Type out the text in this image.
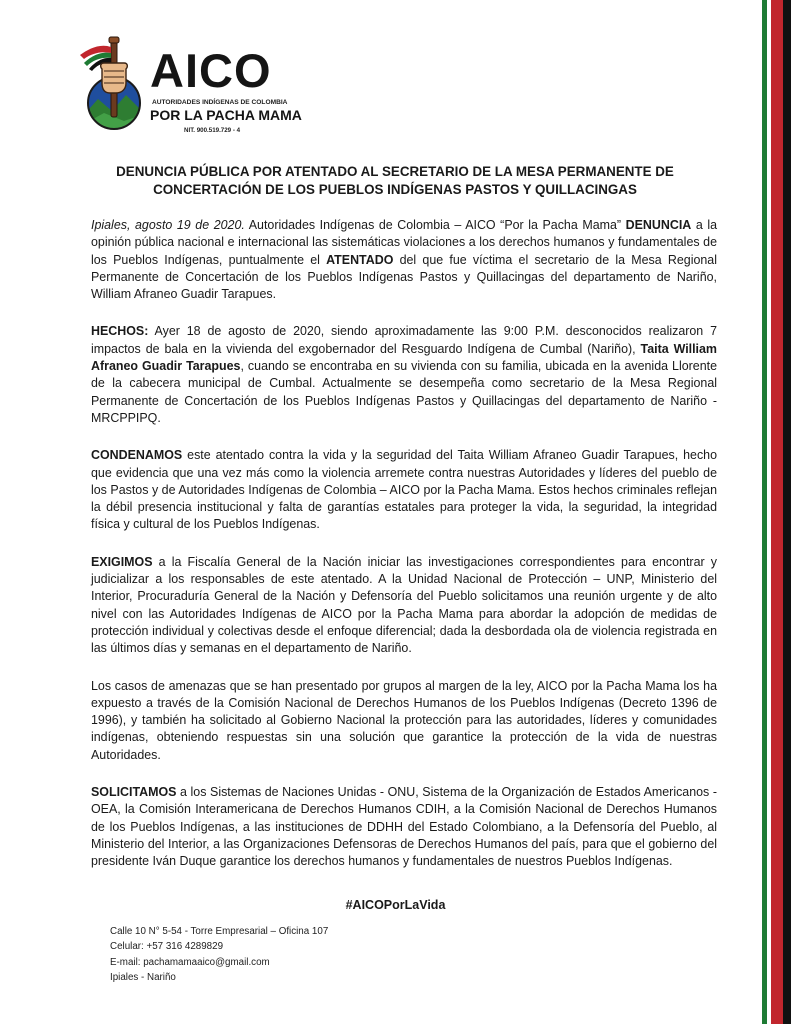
AICO

AUTORIDADES INDÍGENAS DE COLOMBIA

POR LA PACHA MAMA

NIT. 900.519.729 - 4

DENUNCIA PÚBLICA POR ATENTADO AL SECRETARIO DE LA MESA PERMANENTE DE
CONCERTACIÓN DE LOS PUEBLOS INDÍGENAS PASTOS Y QUILLACINGAS

Ipiales, agosto 19 de 2020. Autoridades Indígenas de Colombia – AICO “Por la Pacha Mama” DENUNCIA a la opinión pública nacional e internacional las sistemáticas violaciones a los derechos humanos y fundamentales de los Pueblos Indígenas, puntualmente el ATENTADO del que fue víctima el secretario de la Mesa Regional Permanente de Concertación de los Pueblos Indígenas Pastos y Quillacingas del departamento de Nariño, William Afraneo Guadir Tarapues.

HECHOS: Ayer 18 de agosto de 2020, siendo aproximadamente las 9:00 P.M. desconocidos realizaron 7 impactos de bala en la vivienda del exgobernador del Resguardo Indígena de Cumbal (Nariño), Taita William Afraneo Guadir Tarapues, cuando se encontraba en su vivienda con su familia, ubicada en la avenida Llorente de la cabecera municipal de Cumbal. Actualmente se desempeña como secretario de la Mesa Regional Permanente de Concertación de los Pueblos Indígenas Pastos y Quillacingas del departamento de Nariño - MRCPPIPQ.

CONDENAMOS este atentado contra la vida y la seguridad del Taita William Afraneo Guadir Tarapues, hecho que evidencia que una vez más como la violencia arremete contra nuestras Autoridades y líderes del pueblo de los Pastos y de Autoridades Indígenas de Colombia – AICO por la Pacha Mama. Estos hechos criminales reflejan la débil presencia institucional y falta de garantías estatales para proteger la vida, la seguridad, la integridad física y cultural de los Pueblos Indígenas.

EXIGIMOS a la Fiscalía General de la Nación iniciar las investigaciones correspondientes para encontrar y judicializar a los responsables de este atentado. A la Unidad Nacional de Protección – UNP, Ministerio del Interior, Procuraduría General de la Nación y Defensoría del Pueblo solicitamos una reunión urgente y de alto nivel con las Autoridades Indígenas de AICO por la Pacha Mama para abordar la adopción de medidas de protección individual y colectivas desde el enfoque diferencial; dada la desbordada ola de violencia registrada en las últimos días y semanas en el departamento de Nariño.

Los casos de amenazas que se han presentado por grupos al margen de la ley, AICO por la Pacha Mama los ha expuesto a través de la Comisión Nacional de Derechos Humanos de los Pueblos Indígenas (Decreto 1396 de 1996), y también ha solicitado al Gobierno Nacional la protección para las autoridades, líderes y comunidades indígenas, obteniendo respuestas sin una solución que garantice la protección de la vida de nuestras Autoridades.

SOLICITAMOS a los Sistemas de Naciones Unidas - ONU, Sistema de la Organización de Estados Americanos - OEA, la Comisión Interamericana de Derechos Humanos CDIH, a la Comisión Nacional de Derechos Humanos de los Pueblos Indígenas, a las instituciones de DDHH del Estado Colombiano, a la Defensoría del Pueblo, al Ministerio del Interior, a las Organizaciones Defensoras de Derechos Humanos del país, para que el gobierno del presidente Iván Duque garantice los derechos humanos y fundamentales de nuestros Pueblos Indígenas.

#AICOPorLaVida

Calle 10 N° 5-54 - Torre Empresarial – Oficina 107

Celular: +57 316 4289829

E-mail: pachamamaaico@gmail.com

Ipiales - Nariño
